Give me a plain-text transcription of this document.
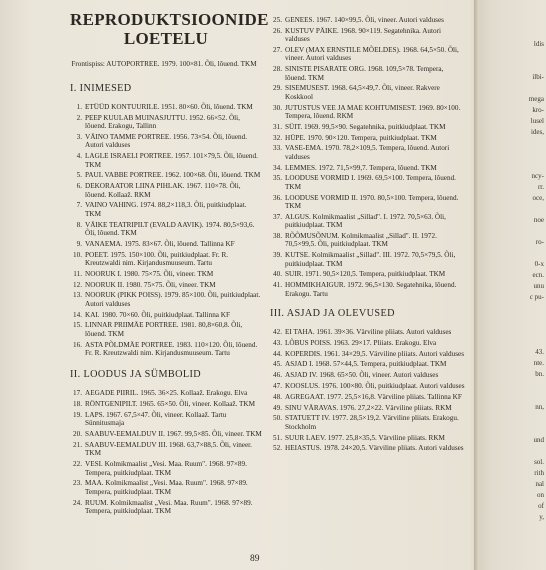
REPRODUKTSIOONIDE
LOETELU
Frontispiss: AUTOPORTREE. 1979. 100×81. Õli, lõuend. TKM
I. INIMESED
1 . ETÜÜD KONTUURILE. 1951. 80×60. Õli, lõuend. TKM
2 . PEEP KUULAB MUINASJUTTU. 1952. 66×52. Õli, lõuend. Erakogu, Tallinn
3 . VÄINO TAMME PORTREE. 1956. 73×54. Õli, lõuend. Autori valduses
4 . LAGLE ISRAELI PORTREE. 1957. 101×79,5. Õli, lõuend. TKM
5 . PAUL VABBE PORTREE. 1962. 100×68. Õli, lõuend. TKM
6 . DEKORAATOR LIINA PIHLAK. 1967. 110×78. Õli, lõuend. Kollaaž. RKM
7 . VAINO VAHING. 1974. 88,2×118,3. Õli, puitkiudplaat. TKM
8 . VÄIKE TEATRIPILT (EVALD AAVIK). 1974. 80,5×93,6. Õli, lõuend. TKM
9 . VANAEMA. 1975. 83×67. Õli, lõuend. Tallinna KF
10 . POEET. 1975. 150×100. Õli, puitkiudplaat. Fr. R. Kreutzwaldi nim. Kirjandusmuuseum. Tartu
11 . NOORUK I. 1980. 75×75. Õli, vineer. TKM
12 . NOORUK II. 1980. 75×75. Õli, vineer. TKM
13 . NOORUK (PIKK POISS). 1979. 85×100. Õli, puitkiudplaat. Autori valduses
14 . KAI. 1980. 70×60. Õli, puitkiudplaat. Tallinna KF
15 . LINNAR PRIIMÄE PORTREE. 1981. 80,8×60,8. Õli, lõuend. TKM
16 . ASTA PÕLDMÄE PORTREE. 1983. 110×120. Õli, lõuend. Fr. R. Kreutzwaldi nim. Kirjandusmuuseum. Tartu
II. LOODUS JA SÜMBOLID
17 . AEGADE PIIRIL. 1965. 36×25. Kollaaž. Erakogu. Elva
18 . RÖNTGENIPILT. 1965. 65×50. Õli, vineer. Kollaaž. TKM
19 . LAPS. 1967. 67,5×47. Õli, vineer. Kollaaž. Tartu Sünnitusmaja
20 . SAABUV-EEMALDUV II. 1967. 99,5×85. Õli, vineer. TKM
21 . SAABUV-EEMALDUV III. 1968. 63,7×88,5. Õli, vineer. TKM
22 . VESI. Kolmikmaalist „Vesi. Maa. Ruum". 1968. 97×89. Tempera, puitkiudplaat. TKM
23 . MAA. Kolmikmaalist „Vesi. Maa. Ruum". 1968. 97×89. Tempera, puitkiudplaat. TKM
24 . RUUM. Kolmikmaalist „Vesi. Maa. Ruum". 1968. 97×89. Tempera, puitkiudplaat. TKM
25 . GENEES. 1967. 140×99,5. Õli, vineer. Autori valduses
26 . KUSTUV PÄIKE. 1968. 90×119. Segatehnika. Autori valduses
27 . OLEV (MAX ERNSTILE MÕELDES). 1968. 64,5×50. Õli, vineer. Autori valduses
28 . SINISTE PISARATE ORG. 1968. 109,5×78. Tempera, lõuend. TKM
29 . SISEMUSEST. 1968. 64,5×49,7. Õli, vineer. Rakvere Koskkool
30 . JUTUSTUS VEE JA MAE KOHTUMISEST. 1969. 80×100. Tempera, lõuend. RKM
31 . SÜIT. 1969. 99,5×90. Segatehnika, puitkiudplaat. TKM
32 . HÜPE. 1970. 90×120. Tempera, puitkiudplaat. TKM
33 . VASE-EMA. 1970. 78,2×109,5. Tempera, lõuend. Autori valduses
34 . LEMMES. 1972. 71,5×99,7. Tempera, lõuend. TKM
35 . LOODUSE VORMID I. 1969. 69,5×100. Tempera, lõuend. TKM
36 . LOODUSE VORMID II. 1970. 80,5×100. Tempera, lõuend. TKM
37 . ALGUS. Kolmikmaalist „Sillad". I. 1972. 70,5×63. Õli, puitkiudplaat. TKM
38 . RÕÕMUSÕNUM. Kolmikmaalist „Sillad". II. 1972. 70,5×99,5. Õli, puitkiudplaat. TKM
39 . KUTSE. Kolmikmaalist „Sillad". III. 1972. 70,5×79,5. Õli, puitkiudplaat. TKM
40 . SUIR. 1971. 90,5×120,5. Tempera, puitkiudplaat. TKM
41 . HOMMIKHAIGUR. 1972. 96,5×130. Segatehnika, lõuend. Erakogu. Tartu
III. ASJAD JA OLEVUSED
42 . EI TAHA. 1961. 39×36. Värviline pliiats. Autori valduses
43 . LÕBUS POISS. 1963. 29×17. Pliiats. Erakogu. Elva
44 . KOPERDIS. 1961. 34×29,5. Värviline pliiats. Autori valduses
45 . ASJAD I. 1968. 57×44,5. Tempera, puitkiudplaat. TKM
46 . ASJAD IV. 1968. 65×50. Õli, vineer. Autori valduses
47 . KOOSLUS. 1976. 100×80. Õli, puitkiudplaat. Autori valduses
48 . AGREGAAT. 1977. 25,5×16,8. Värviline pliiats. Tallinna KF
49 . SINU VÄRAVAS. 1976. 27,2×22. Värviline pliiats. RKM
50 . STATUETT IV. 1977. 28,5×19,2. Värviline pliiats. Erakogu. Stockholm
51 . SUUR LAEV. 1977. 25,8×35,5. Värviline pliiats. RKM
52 . HEIASTUS. 1978. 24×20,5. Värviline pliiats. Autori valduses
89
ldis
ilbi-
mega
kro-
lusel
ides,
ncy-
rr.
oce,
noe
ro-
0-x
ecn.
unu
c pu-
43.
nte.
bn.
nn,
und
sol.
rith
nal
on
of
y,
